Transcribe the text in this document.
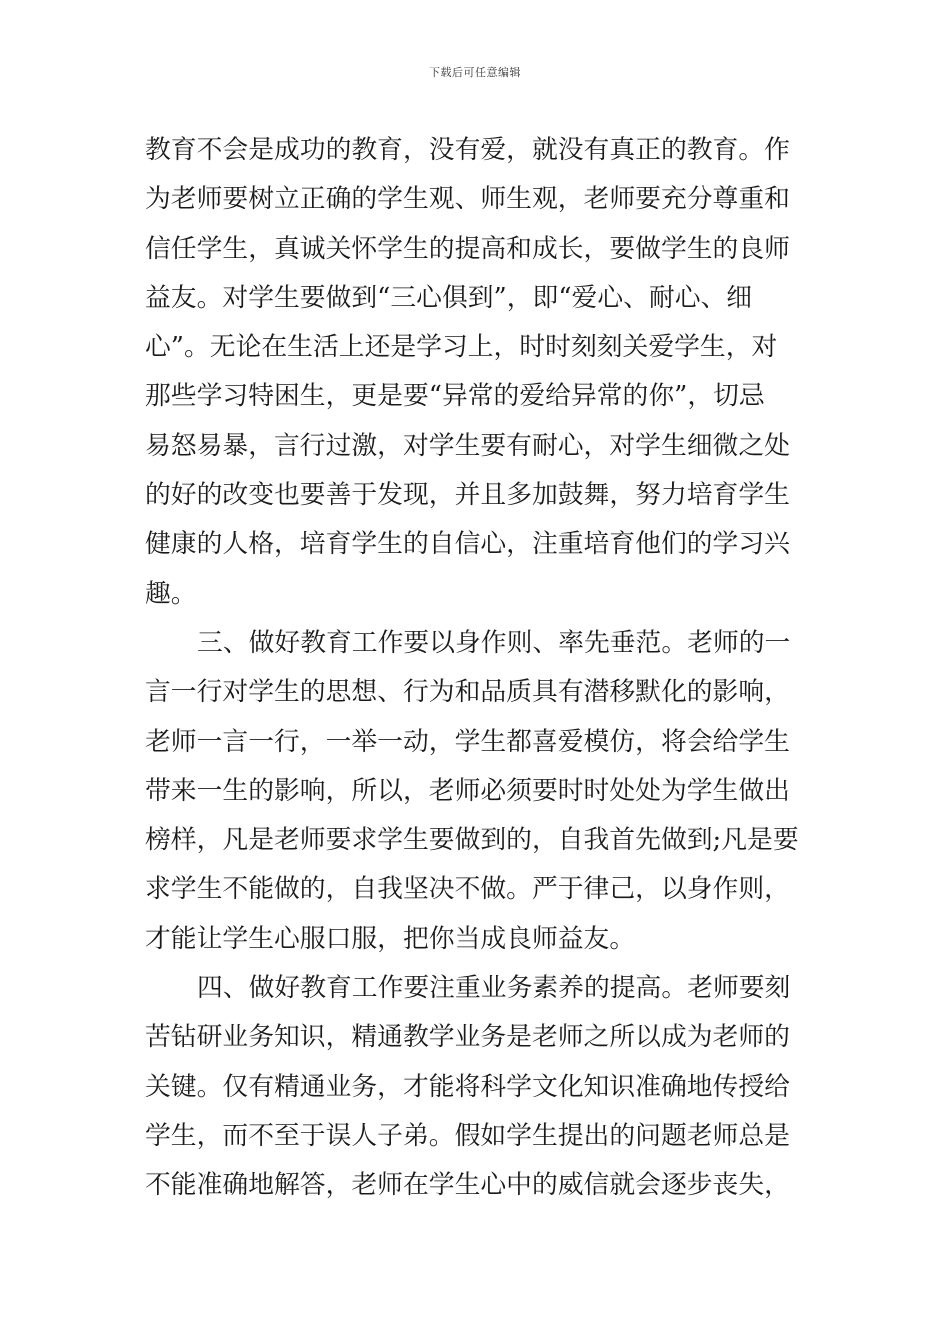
下载后可任意编辑
教育不会是成功的教育，没有爱，就没有真正的教育。作
为老师要树立正确的学生观、师生观，老师要充分尊重和
信任学生，真诚关怀学生的提高和成长，要做学生的良师
益友。对学生要做到“三心俱到”，即“爱心、耐心、细
心”。无论在生活上还是学习上，时时刻刻关爱学生，对
那些学习特困生，更是要“异常的爱给异常的你”，切忌
易怒易暴，言行过激，对学生要有耐心，对学生细微之处
的好的改变也要善于发现，并且多加鼓舞，努力培育学生
健康的人格，培育学生的自信心，注重培育他们的学习兴
趣。
三、做好教育工作要以身作则、率先垂范。老师的一
言一行对学生的思想、行为和品质具有潜移默化的影响，
老师一言一行，一举一动，学生都喜爱模仿，将会给学生
带来一生的影响，所以，老师必须要时时处处为学生做出
榜样，凡是老师要求学生要做到的，自我首先做到;凡是要
求学生不能做的，自我坚决不做。严于律己，以身作则，
才能让学生心服口服，把你当成良师益友。
四、做好教育工作要注重业务素养的提高。老师要刻
苦钻研业务知识，精通教学业务是老师之所以成为老师的
关键。仅有精通业务，才能将科学文化知识准确地传授给
学生，而不至于误人子弟。假如学生提出的问题老师总是
不能准确地解答，老师在学生心中的威信就会逐步丧失，
